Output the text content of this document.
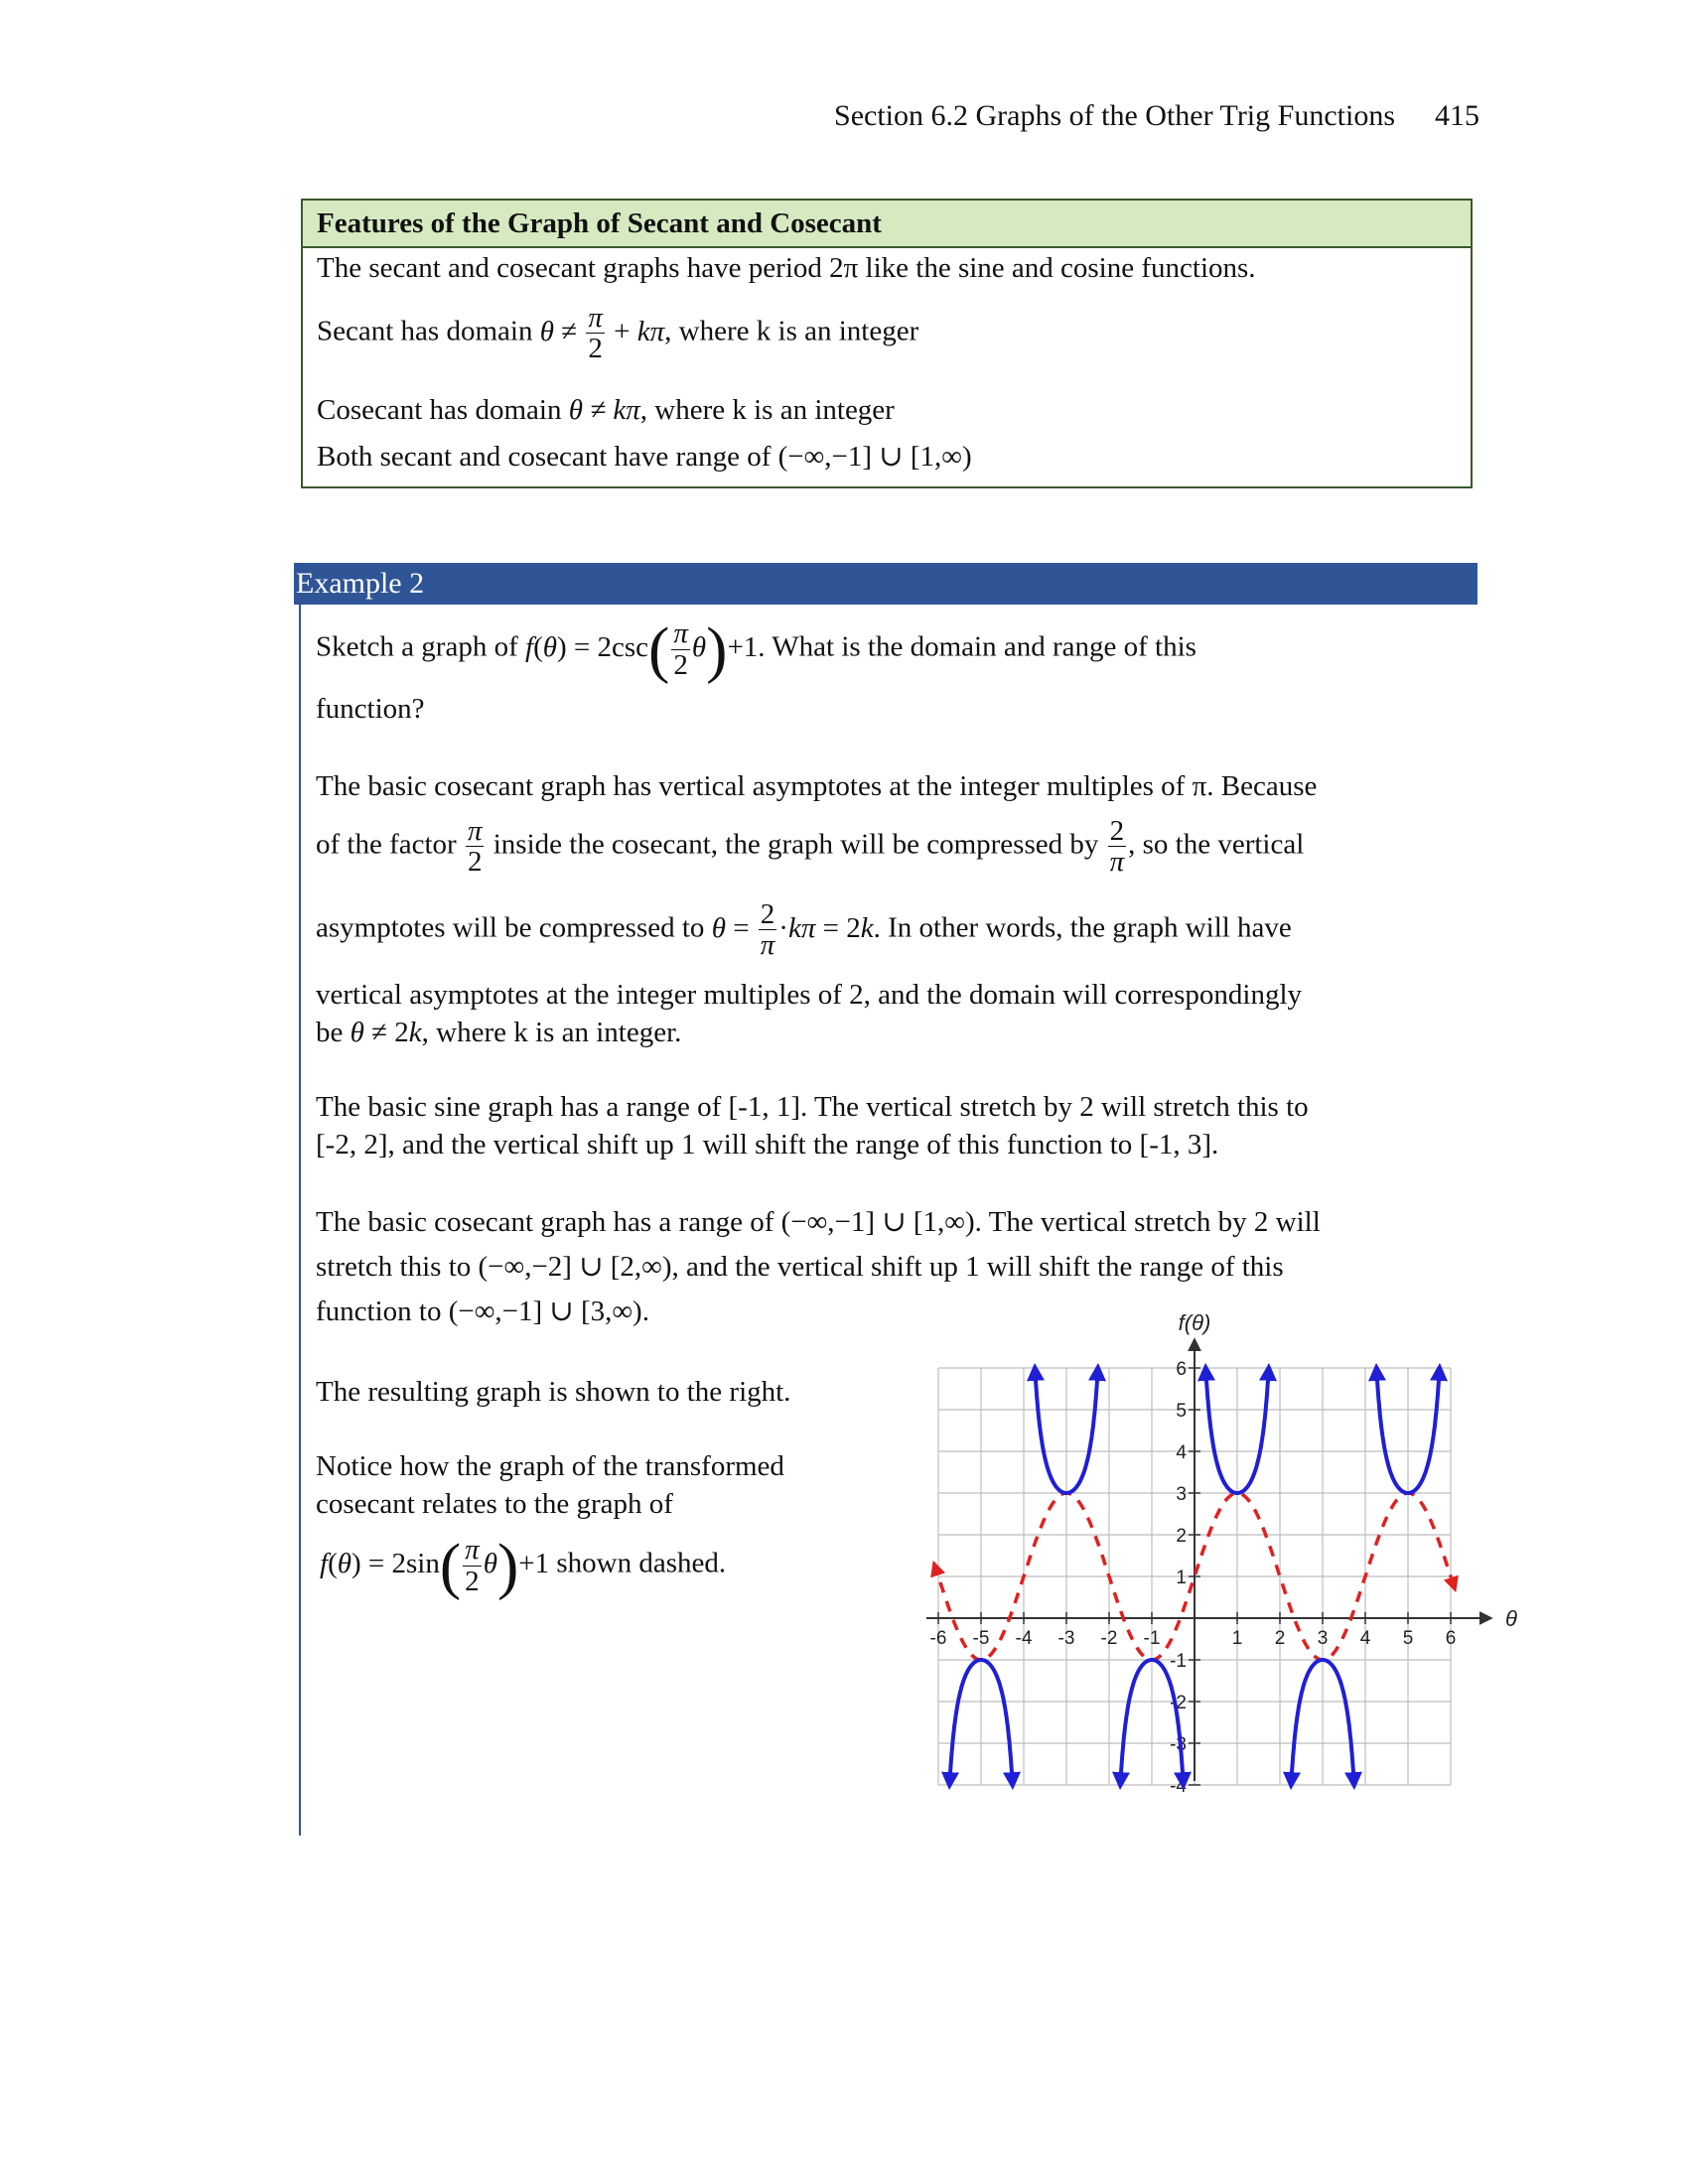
Section 6.2 Graphs of the Other Trig Functions 415
Features of the Graph of Secant and Cosecant
The secant and cosecant graphs have period 2π like the sine and cosine functions.
Secant has domain $\theta \ne \frac{\pi}{2} + k\pi$, where k is an integer
Cosecant has domain θ ≠ kπ, where k is an integer
Both secant and cosecant have range of (−∞,−1] ∪ [1,∞)
Example 2
Sketch a graph of $f(\theta) = 2\csc( \frac{\pi}{2} \theta)+1$. What is the domain and range of this
function?
The basic cosecant graph has vertical asymptotes at the integer multiples of π. Because
of the factor $\frac{\pi}{2}$ inside the cosecant, the graph will be compressed by $\frac{2}{\pi}$ , so the vertical
asymptotes will be compressed to $\theta = \frac{2}{\pi} \cdot k\pi = 2k$. In other words, the graph will have
vertical asymptotes at the integer multiples of 2, and the domain will correspondingly
be θ ≠ 2k, where k is an integer.
The basic sine graph has a range of [-1, 1]. The vertical stretch by 2 will stretch this to
[-2, 2], and the vertical shift up 1 will shift the range of this function to [-1, 3].
The basic cosecant graph has a range of (−∞,−1] ∪ [1,∞). The vertical stretch by 2 will
stretch this to (−∞,−2] ∪ [2,∞), and the vertical shift up 1 will shift the range of this
function to (−∞,−1] ∪ [3,∞).
The resulting graph is shown to the right.
Notice how the graph of the transformed
cosecant relates to the graph of
$f(\theta) = 2\sin( \frac{\pi}{2} \theta)+1$ shown dashed.
-6 -5 -4 -3 -2 -1	1 2 3 4 5 6
-4
-3
-2
-1
1
2
3
4
5
6
θ
f(θ)
